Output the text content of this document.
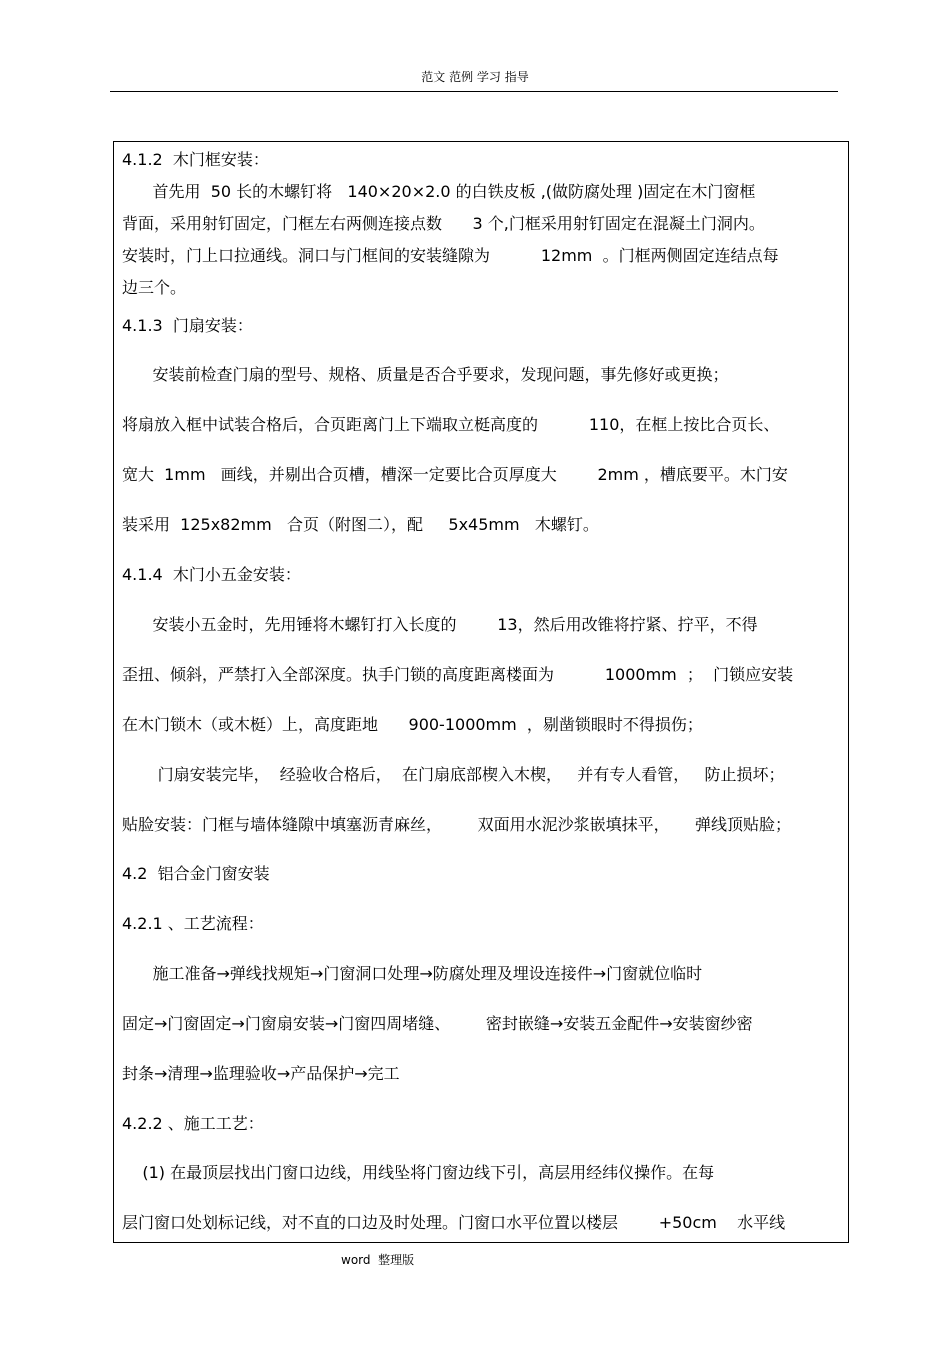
范文 范例 学习 指导
4.1.2  木门框安装：
首先用  50 长的木螺钉将   140×20×2.0 的白铁皮板 ,(做防腐处理 )固定在木门窗框
背面，采用射钉固定，门框左右两侧连接点数      3 个,门框采用射钉固定在混凝土门洞内。
安装时，门上口拉通线。洞口与门框间的安装缝隙为          12mm  。门框两侧固定连结点每
边三个。
4.1.3  门扇安装：
安装前检查门扇的型号、规格、质量是否合乎要求，发现问题，事先修好或更换；
将扇放入框中试装合格后，合页距离门上下端取立梃高度的          110，在框上按比合页长、
宽大  1mm   画线，并剔出合页槽，槽深一定要比合页厚度大        2mm ，槽底要平。木门安
装采用  125x82mm   合页（附图二），配     5x45mm   木螺钉。
4.1.4  木门小五金安装：
安装小五金时，先用锤将木螺钉打入长度的        13，然后用改锥将拧紧、拧平，不得
歪扭、倾斜，严禁打入全部深度。执手门锁的高度距离楼面为          1000mm  ；  门锁应安装
在木门锁木（或木梃）上，高度距地      900-1000mm  ，剔凿锁眼时不得损伤；
门扇安装完毕，  经验收合格后，  在门扇底部楔入木楔，   并有专人看管，   防止损坏；
贴脸安装：门框与墙体缝隙中填塞沥青麻丝，       双面用水泥沙浆嵌填抹平，     弹线顶贴脸；
4.2  铝合金门窗安装
4.2.1 、工艺流程：
施工准备→弹线找规矩→门窗洞口处理→防腐处理及埋设连接件→门窗就位临时
固定→门窗固定→门窗扇安装→门窗四周堵缝、       密封嵌缝→安装五金配件→安装窗纱密
封条→清理→监理验收→产品保护→完工
4.2.2 、施工工艺：
(1) 在最顶层找出门窗口边线，用线坠将门窗边线下引，高层用经纬仪操作。在每
层门窗口处划标记线，对不直的口边及时处理。门窗口水平位置以楼层        +50cm    水平线
word  整理版
